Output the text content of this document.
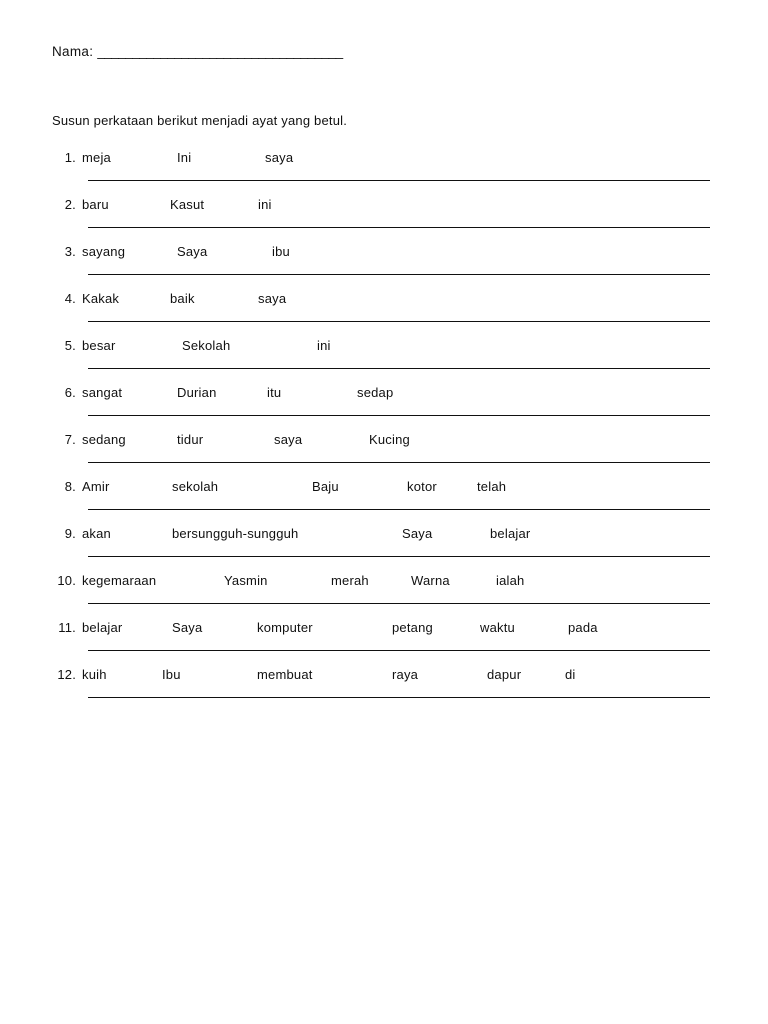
Nama: ___________________________________
Susun perkataan berikut menjadi ayat yang betul.
1. meja	Ini	saya
2. baru	Kasut	ini
3. sayang	Saya	ibu
4. Kakak	baik	saya
5. besar	Sekolah	ini
6. sangat	Durian	itu	sedap
7. sedang	tidur	saya	Kucing
8. Amir	sekolah	Baju	kotor	telah
9. akan	bersungguh-sungguh	Saya	belajar
10. kegemaraan	Yasmin	merah	Warna	ialah
11. belajar	Saya	komputer	petang	waktu	pada
12. kuih	Ibu	membuat	raya	dapur	di
